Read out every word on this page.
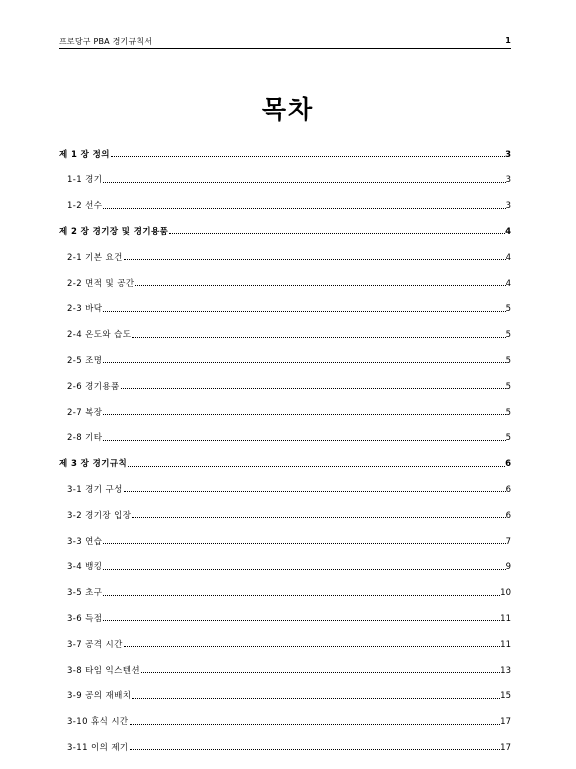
프로당구 PBA 경기규칙서	1
목차
제 1 장 정의	3
1-1 경기	3
1-2 선수	3
제 2 장 경기장 및 경기용품	4
2-1 기본 요건	4
2-2 면적 및 공간	4
2-3 바닥	5
2-4 온도와 습도	5
2-5 조명	5
2-6 경기용품	5
2-7 복장	5
2-8 기타	5
제 3 장 경기규칙	6
3-1 경기 구성	6
3-2 경기장 입장	6
3-3 연습	7
3-4 뱅킹	9
3-5 초구	10
3-6 득점	11
3-7 공격 시간	11
3-8 타임 익스텐션	13
3-9 공의 재배치	15
3-10 휴식 시간	17
3-11 이의 제기	17
